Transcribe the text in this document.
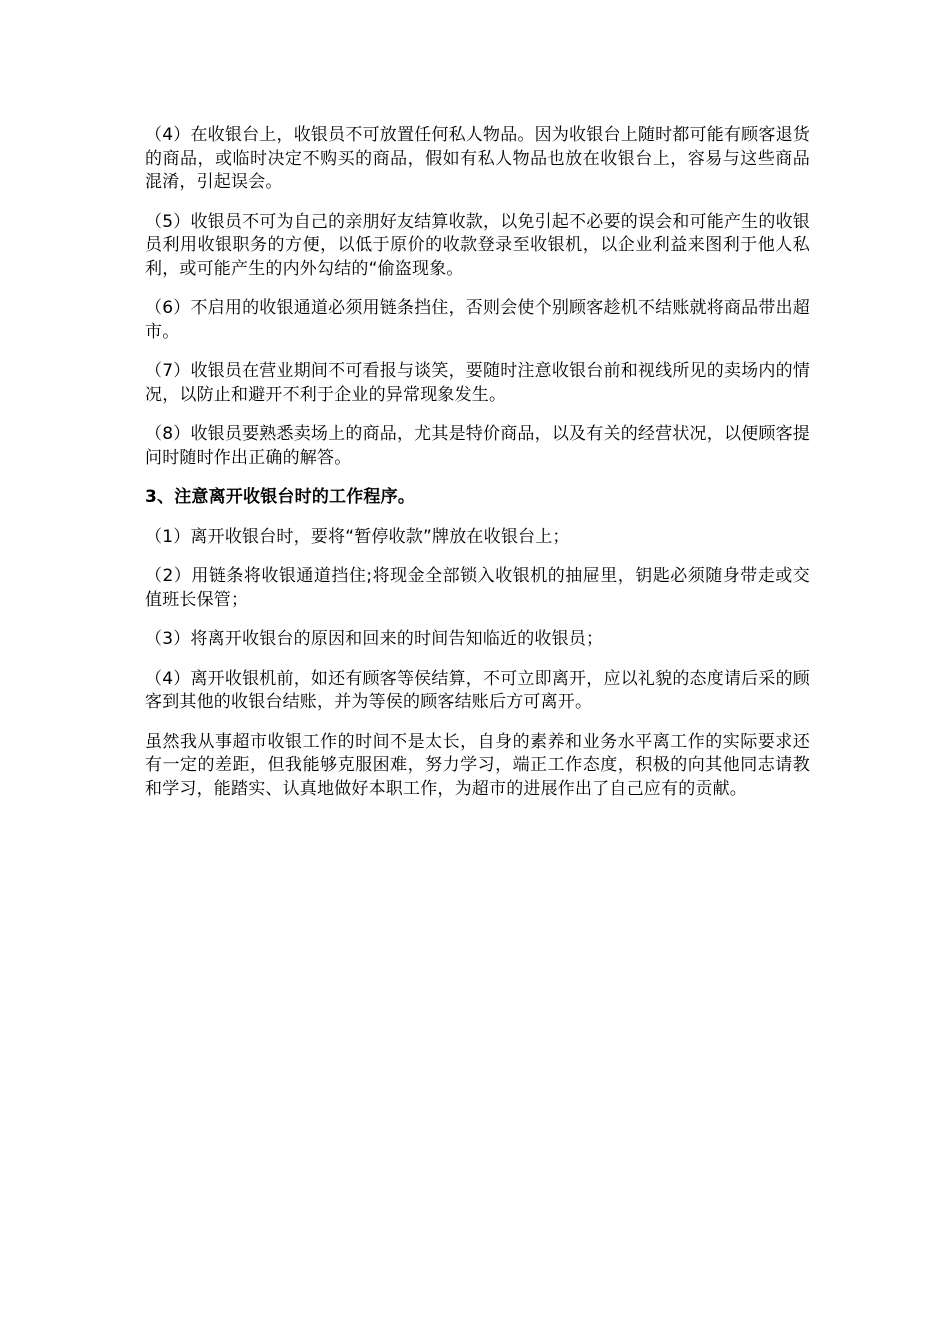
（4）在收银台上，收银员不可放置任何私人物品。因为收银台上随时都可能有顾客退货的商品，或临时决定不购买的商品，假如有私人物品也放在收银台上，容易与这些商品混淆，引起误会。

（5）收银员不可为自己的亲朋好友结算收款，以免引起不必要的误会和可能产生的收银员利用收银职务的方便，以低于原价的收款登录至收银机，以企业利益来图利于他人私利，或可能产生的内外勾结的“偷盗现象。

（6）不启用的收银通道必须用链条挡住，否则会使个别顾客趁机不结账就将商品带出超市。

（7）收银员在营业期间不可看报与谈笑，要随时注意收银台前和视线所见的卖场内的情况，以防止和避开不利于企业的异常现象发生。

（8）收银员要熟悉卖场上的商品，尤其是特价商品，以及有关的经营状况，以便顾客提问时随时作出正确的解答。

3、注意离开收银台时的工作程序。

（1）离开收银台时，要将“暂停收款”牌放在收银台上；

（2）用链条将收银通道挡住;将现金全部锁入收银机的抽屉里，钥匙必须随身带走或交值班长保管；

（3）将离开收银台的原因和回来的时间告知临近的收银员；

（4）离开收银机前，如还有顾客等侯结算，不可立即离开，应以礼貌的态度请后采的顾客到其他的收银台结账，并为等侯的顾客结账后方可离开。

虽然我从事超市收银工作的时间不是太长，自身的素养和业务水平离工作的实际要求还有一定的差距，但我能够克服困难，努力学习，端正工作态度，积极的向其他同志请教和学习，能踏实、认真地做好本职工作，为超市的进展作出了自己应有的贡献。
